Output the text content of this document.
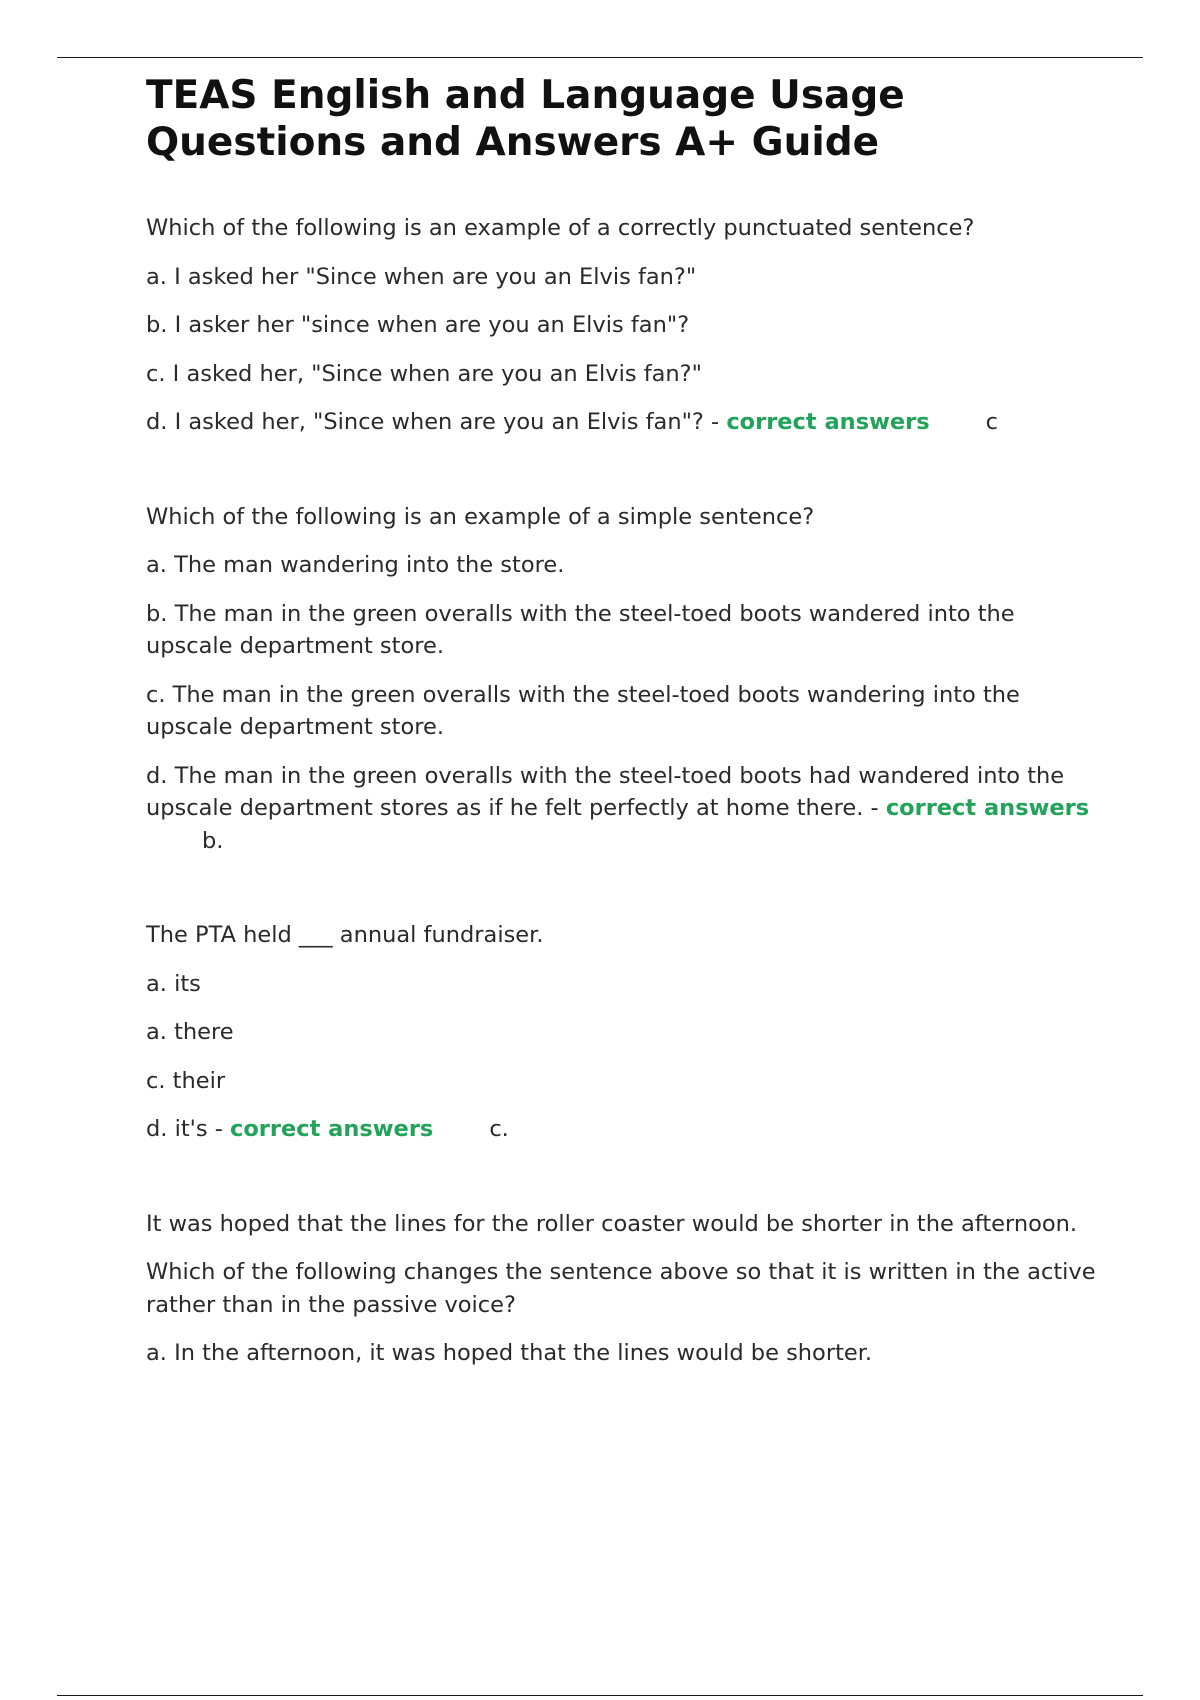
TEAS English and Language Usage Questions and Answers A+ Guide

Which of the following is an example of a correctly punctuated sentence?

a. I asked her "Since when are you an Elvis fan?"

b. I asker her "since when are you an Elvis fan"?

c. I asked her, "Since when are you an Elvis fan?"

d. I asked her, "Since when are you an Elvis fan"? - correct answers c

Which of the following is an example of a simple sentence?

a. The man wandering into the store.

b. The man in the green overalls with the steel-toed boots wandered into the upscale department store.

c. The man in the green overalls with the steel-toed boots wandering into the upscale department store.

d. The man in the green overalls with the steel-toed boots had wandered into the upscale department stores as if he felt perfectly at home there. - correct answersb.

The PTA held ___ annual fundraiser.

a. its

a. there

c. their

d. it's - correct answers c.

It was hoped that the lines for the roller coaster would be shorter in the afternoon.

Which of the following changes the sentence above so that it is written in the active rather than in the passive voice?

a. In the afternoon, it was hoped that the lines would be shorter.
